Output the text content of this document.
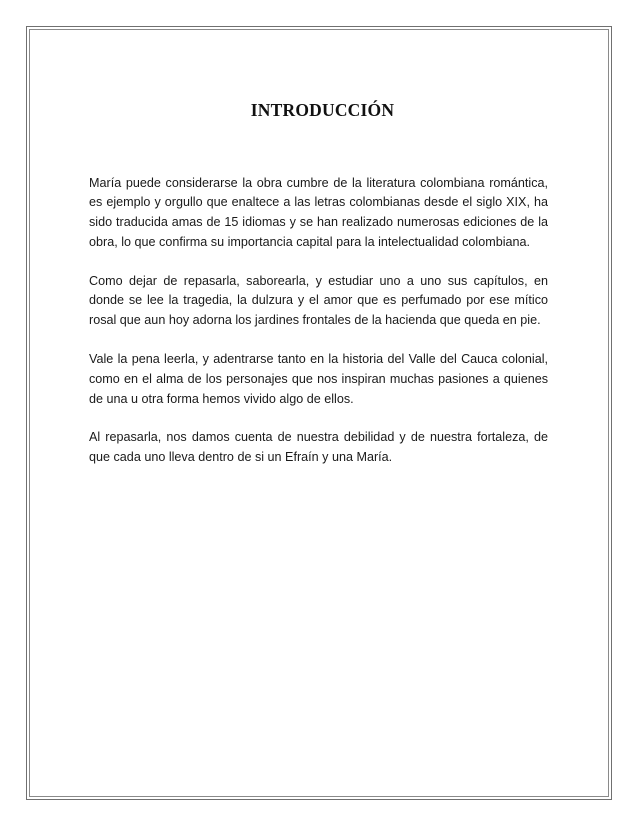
INTRODUCCIÓN

María puede considerarse la obra cumbre de la literatura colombiana romántica, es ejemplo y orgullo que enaltece a las letras colombianas desde el siglo XIX, ha sido traducida amas de 15 idiomas y se han realizado numerosas ediciones de la obra, lo que confirma su importancia capital para la intelectualidad colombiana.

Como dejar de repasarla, saborearla, y estudiar uno a uno sus capítulos, en donde se lee la tragedia, la dulzura y el amor que es perfumado por ese mítico rosal que aun hoy adorna los jardines frontales de la hacienda que queda en pie.

Vale la pena leerla, y adentrarse tanto en la historia del Valle del Cauca colonial, como en el alma de los personajes que nos inspiran muchas pasiones a quienes de una u otra forma hemos vivido algo de ellos.

Al repasarla, nos damos cuenta de nuestra debilidad y de nuestra fortaleza, de que cada uno lleva dentro de si un Efraín y una María.
